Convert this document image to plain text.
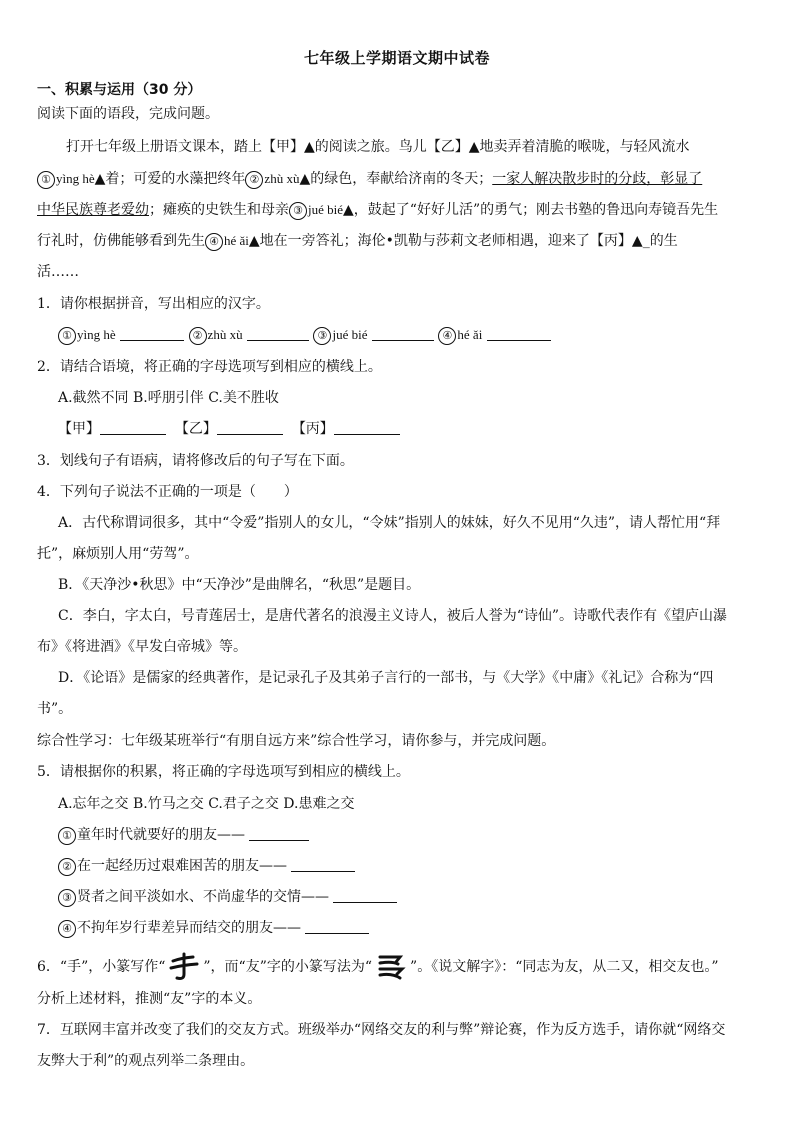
七年级上学期语文期中试卷
一、积累与运用（30 分）
阅读下面的语段，完成问题。
打开七年级上册语文课本，踏上【甲】▲的阅读之旅。鸟儿【乙】▲地卖弄着清脆的喉咙，与轻风流水
① yìng hè▲着；可爱的水藻把终年 ② zhù xù▲的绿色，奉献给济南的冬天；一家人解决散步时的分歧，彰显了
中华民族尊老爱幼；瘫痪的史铁生和母亲 ③ jué bié▲，鼓起了“好好儿活”的勇气；刚去书塾的鲁迅向寿镜吾先生
行礼时，仿佛能够看到先生 ④ hé ǎi▲地在一旁答礼；海伦•凯勒与莎莉文老师相遇，迎来了【丙】▲_的生
活……
1．请你根据拼音，写出相应的汉字。
① yìng hè	② zhù xù	③ jué bié	④ hé ǎi
2．请结合语境，将正确的字母选项写到相应的横线上。
A.截然不同 B.呼朋引伴 C.美不胜收
【甲】	【乙】	【丙】
3．划线句子有语病，请将修改后的句子写在下面。
4．下列句子说法不正确的一项是（　　）
A．古代称谓词很多，其中“令爱”指别人的女儿，“令妹”指别人的妹妹，好久不见用“久违”，请人帮忙用“拜
托”，麻烦别人用“劳驾”。
B．《天净沙•秋思》中“天净沙”是曲牌名，“秋思”是题目。
C．李白，字太白，号青莲居士，是唐代著名的浪漫主义诗人，被后人誉为“诗仙”。诗歌代表作有《望庐山瀑
布》《将进酒》《早发白帝城》等。
D．《论语》是儒家的经典著作，是记录孔子及其弟子言行的一部书，与《大学》《中庸》《礼记》合称为“四
书”。
综合性学习：七年级某班举行“有朋自远方来”综合性学习，请你参与，并完成问题。
5．请根据你的积累，将正确的字母选项写到相应的横线上。
A.忘年之交 B.竹马之交 C.君子之交 D.患难之交
① 童年时代就要好的朋友——
② 在一起经历过艰难困苦的朋友——
③ 贤者之间平淡如水、不尚虚华的交情——
④ 不拘年岁行辈差异而结交的朋友——
6．“手”，小篆写作“	”，而“友”字的小篆写法为“	”。《说文解字》：“同志为友，从二又，相交友也。”
分析上述材料，推测“友”字的本义。
7．互联网丰富并改变了我们的交友方式。班级举办“网络交友的利与弊”辩论赛，作为反方选手，请你就“网络交
友弊大于利”的观点列举二条理由。
